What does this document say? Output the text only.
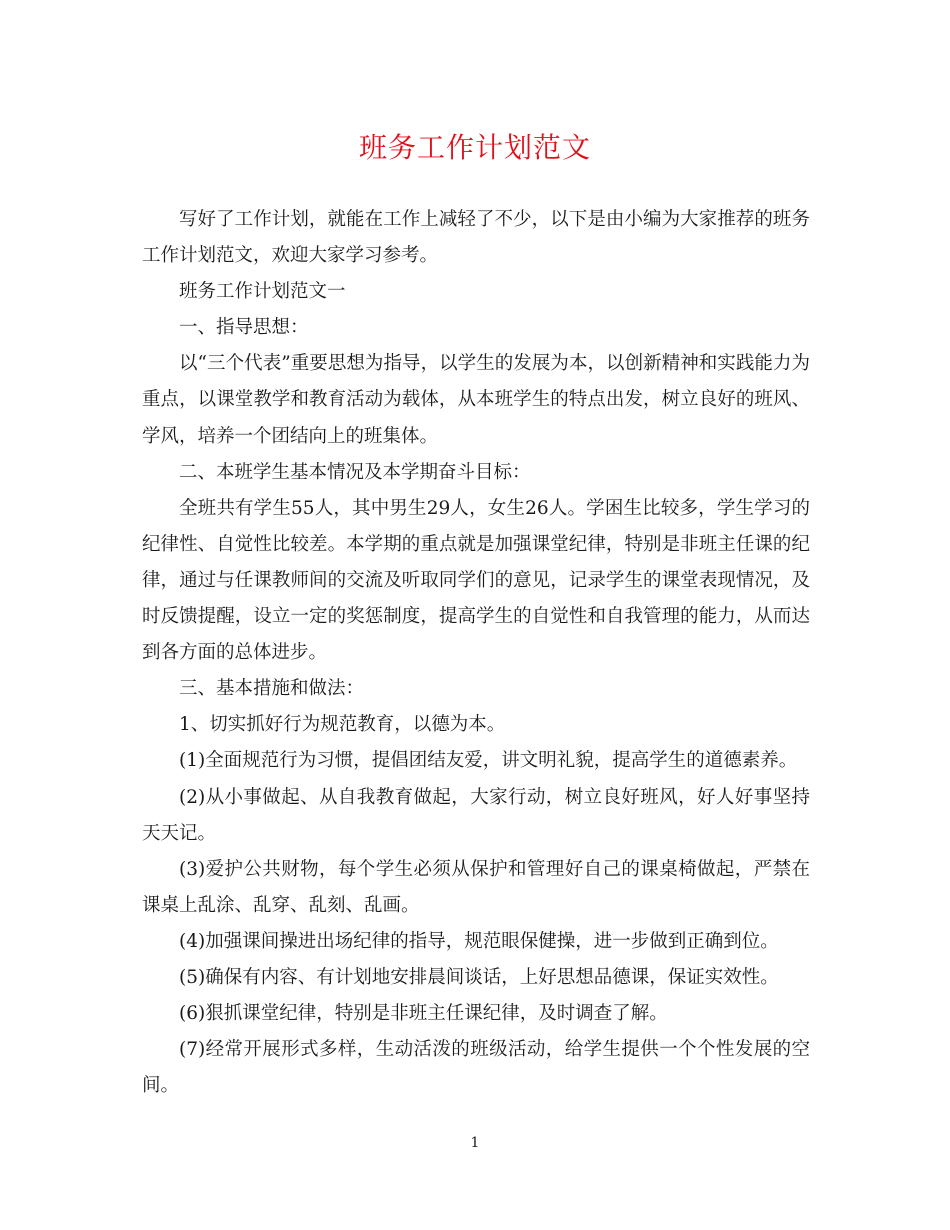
班务工作计划范文

写好了工作计划，就能在工作上减轻了不少，以下是由小编为大家推荐的班务工作计划范文，欢迎大家学习参考。

班务工作计划范文一

一、指导思想：

以“三个代表”重要思想为指导，以学生的发展为本，以创新精神和实践能力为重点，以课堂教学和教育活动为载体，从本班学生的特点出发，树立良好的班风、学风，培养一个团结向上的班集体。

二、本班学生基本情况及本学期奋斗目标：

全班共有学生55人，其中男生29人，女生26人。学困生比较多，学生学习的纪律性、自觉性比较差。本学期的重点就是加强课堂纪律，特别是非班主任课的纪律，通过与任课教师间的交流及听取同学们的意见，记录学生的课堂表现情况，及时反馈提醒，设立一定的奖惩制度，提高学生的自觉性和自我管理的能力，从而达到各方面的总体进步。

三、基本措施和做法：

1、切实抓好行为规范教育，以德为本。

(1)全面规范行为习惯，提倡团结友爱，讲文明礼貌，提高学生的道德素养。

(2)从小事做起、从自我教育做起，大家行动，树立良好班风，好人好事坚持天天记。

(3)爱护公共财物，每个学生必须从保护和管理好自己的课桌椅做起，严禁在课桌上乱涂、乱穿、乱刻、乱画。

(4)加强课间操进出场纪律的指导，规范眼保健操，进一步做到正确到位。

(5)确保有内容、有计划地安排晨间谈话，上好思想品德课，保证实效性。

(6)狠抓课堂纪律，特别是非班主任课纪律，及时调查了解。

(7)经常开展形式多样，生动活泼的班级活动，给学生提供一个个性发展的空间。

1
